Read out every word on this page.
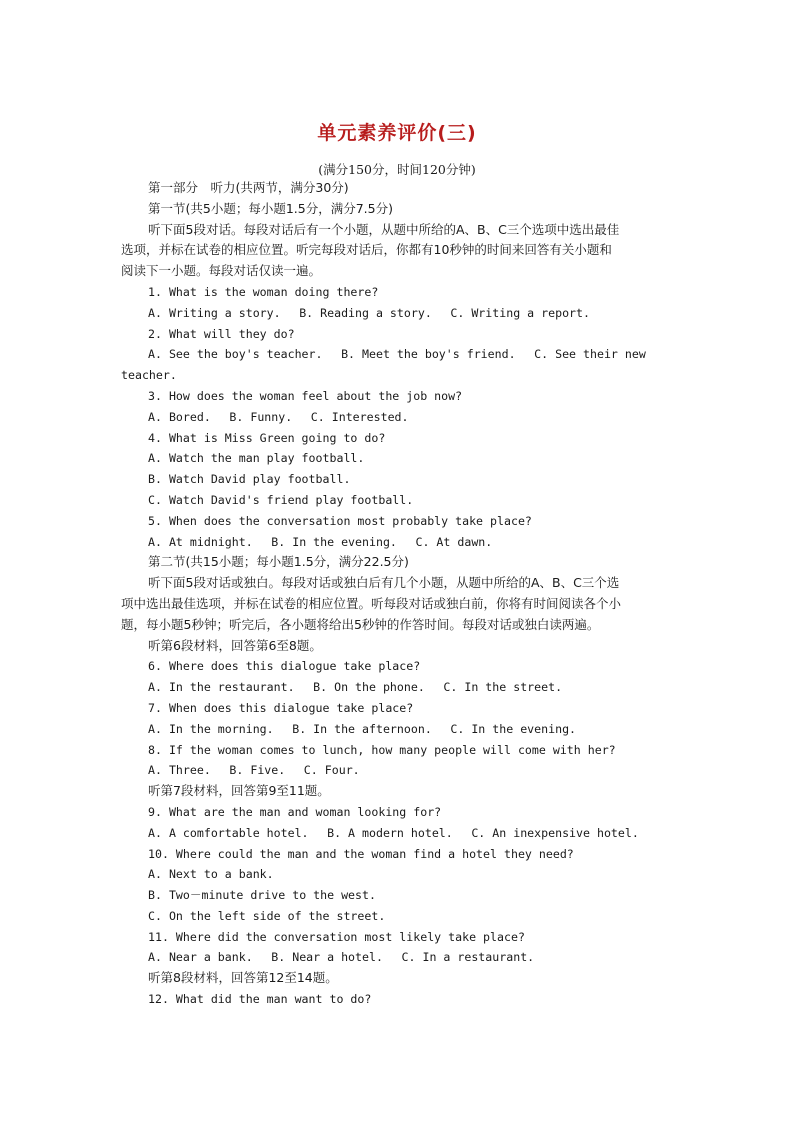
单元素养评价(三)
(满分150分，时间120分钟)
第一部分　听力(共两节，满分30分)
第一节(共5小题；每小题1.5分，满分7.5分)
听下面5段对话。每段对话后有一个小题，从题中所给的A、B、C三个选项中选出最佳
选项，并标在试卷的相应位置。听完每段对话后，你都有10秒钟的时间来回答有关小题和
阅读下一小题。每段对话仅读一遍。
1. What is the woman doing there?
A. Writing a story.　 B. Reading a story.　 C. Writing a report.
2. What will they do?
A. See the boy's teacher.　 B. Meet the boy's friend.　 C. See their new
teacher.
3. How does the woman feel about the job now?
A. Bored.　 B. Funny.　 C. Interested.
4. What is Miss Green going to do?
A. Watch the man play football.
B. Watch David play football.
C. Watch David's friend play football.
5. When does the conversation most probably take place?
A. At midnight.　 B. In the evening.　 C. At dawn.
第二节(共15小题；每小题1.5分，满分22.5分)
听下面5段对话或独白。每段对话或独白后有几个小题，从题中所给的A、B、C三个选
项中选出最佳选项，并标在试卷的相应位置。听每段对话或独白前，你将有时间阅读各个小
题，每小题5秒钟；听完后，各小题将给出5秒钟的作答时间。每段对话或独白读两遍。
听第6段材料，回答第6至8题。
6. Where does this dialogue take place?
A. In the restaurant.　 B. On the phone.　 C. In the street.
7. When does this dialogue take place?
A. In the morning.　 B. In the afternoon.　 C. In the evening.
8. If the woman comes to lunch, how many people will come with her?
A. Three.　 B. Five.　 C. Four.
听第7段材料，回答第9至11题。
9. What are the man and woman looking for?
A. A comfortable hotel.　 B. A modern hotel.　 C. An inexpensive hotel.
10. Where could the man and the woman find a hotel they need?
A. Next to a bank.
B. Two－minute drive to the west.
C. On the left side of the street.
11. Where did the conversation most likely take place?
A. Near a bank.　 B. Near a hotel.　 C. In a restaurant.
听第8段材料，回答第12至14题。
12. What did the man want to do?
